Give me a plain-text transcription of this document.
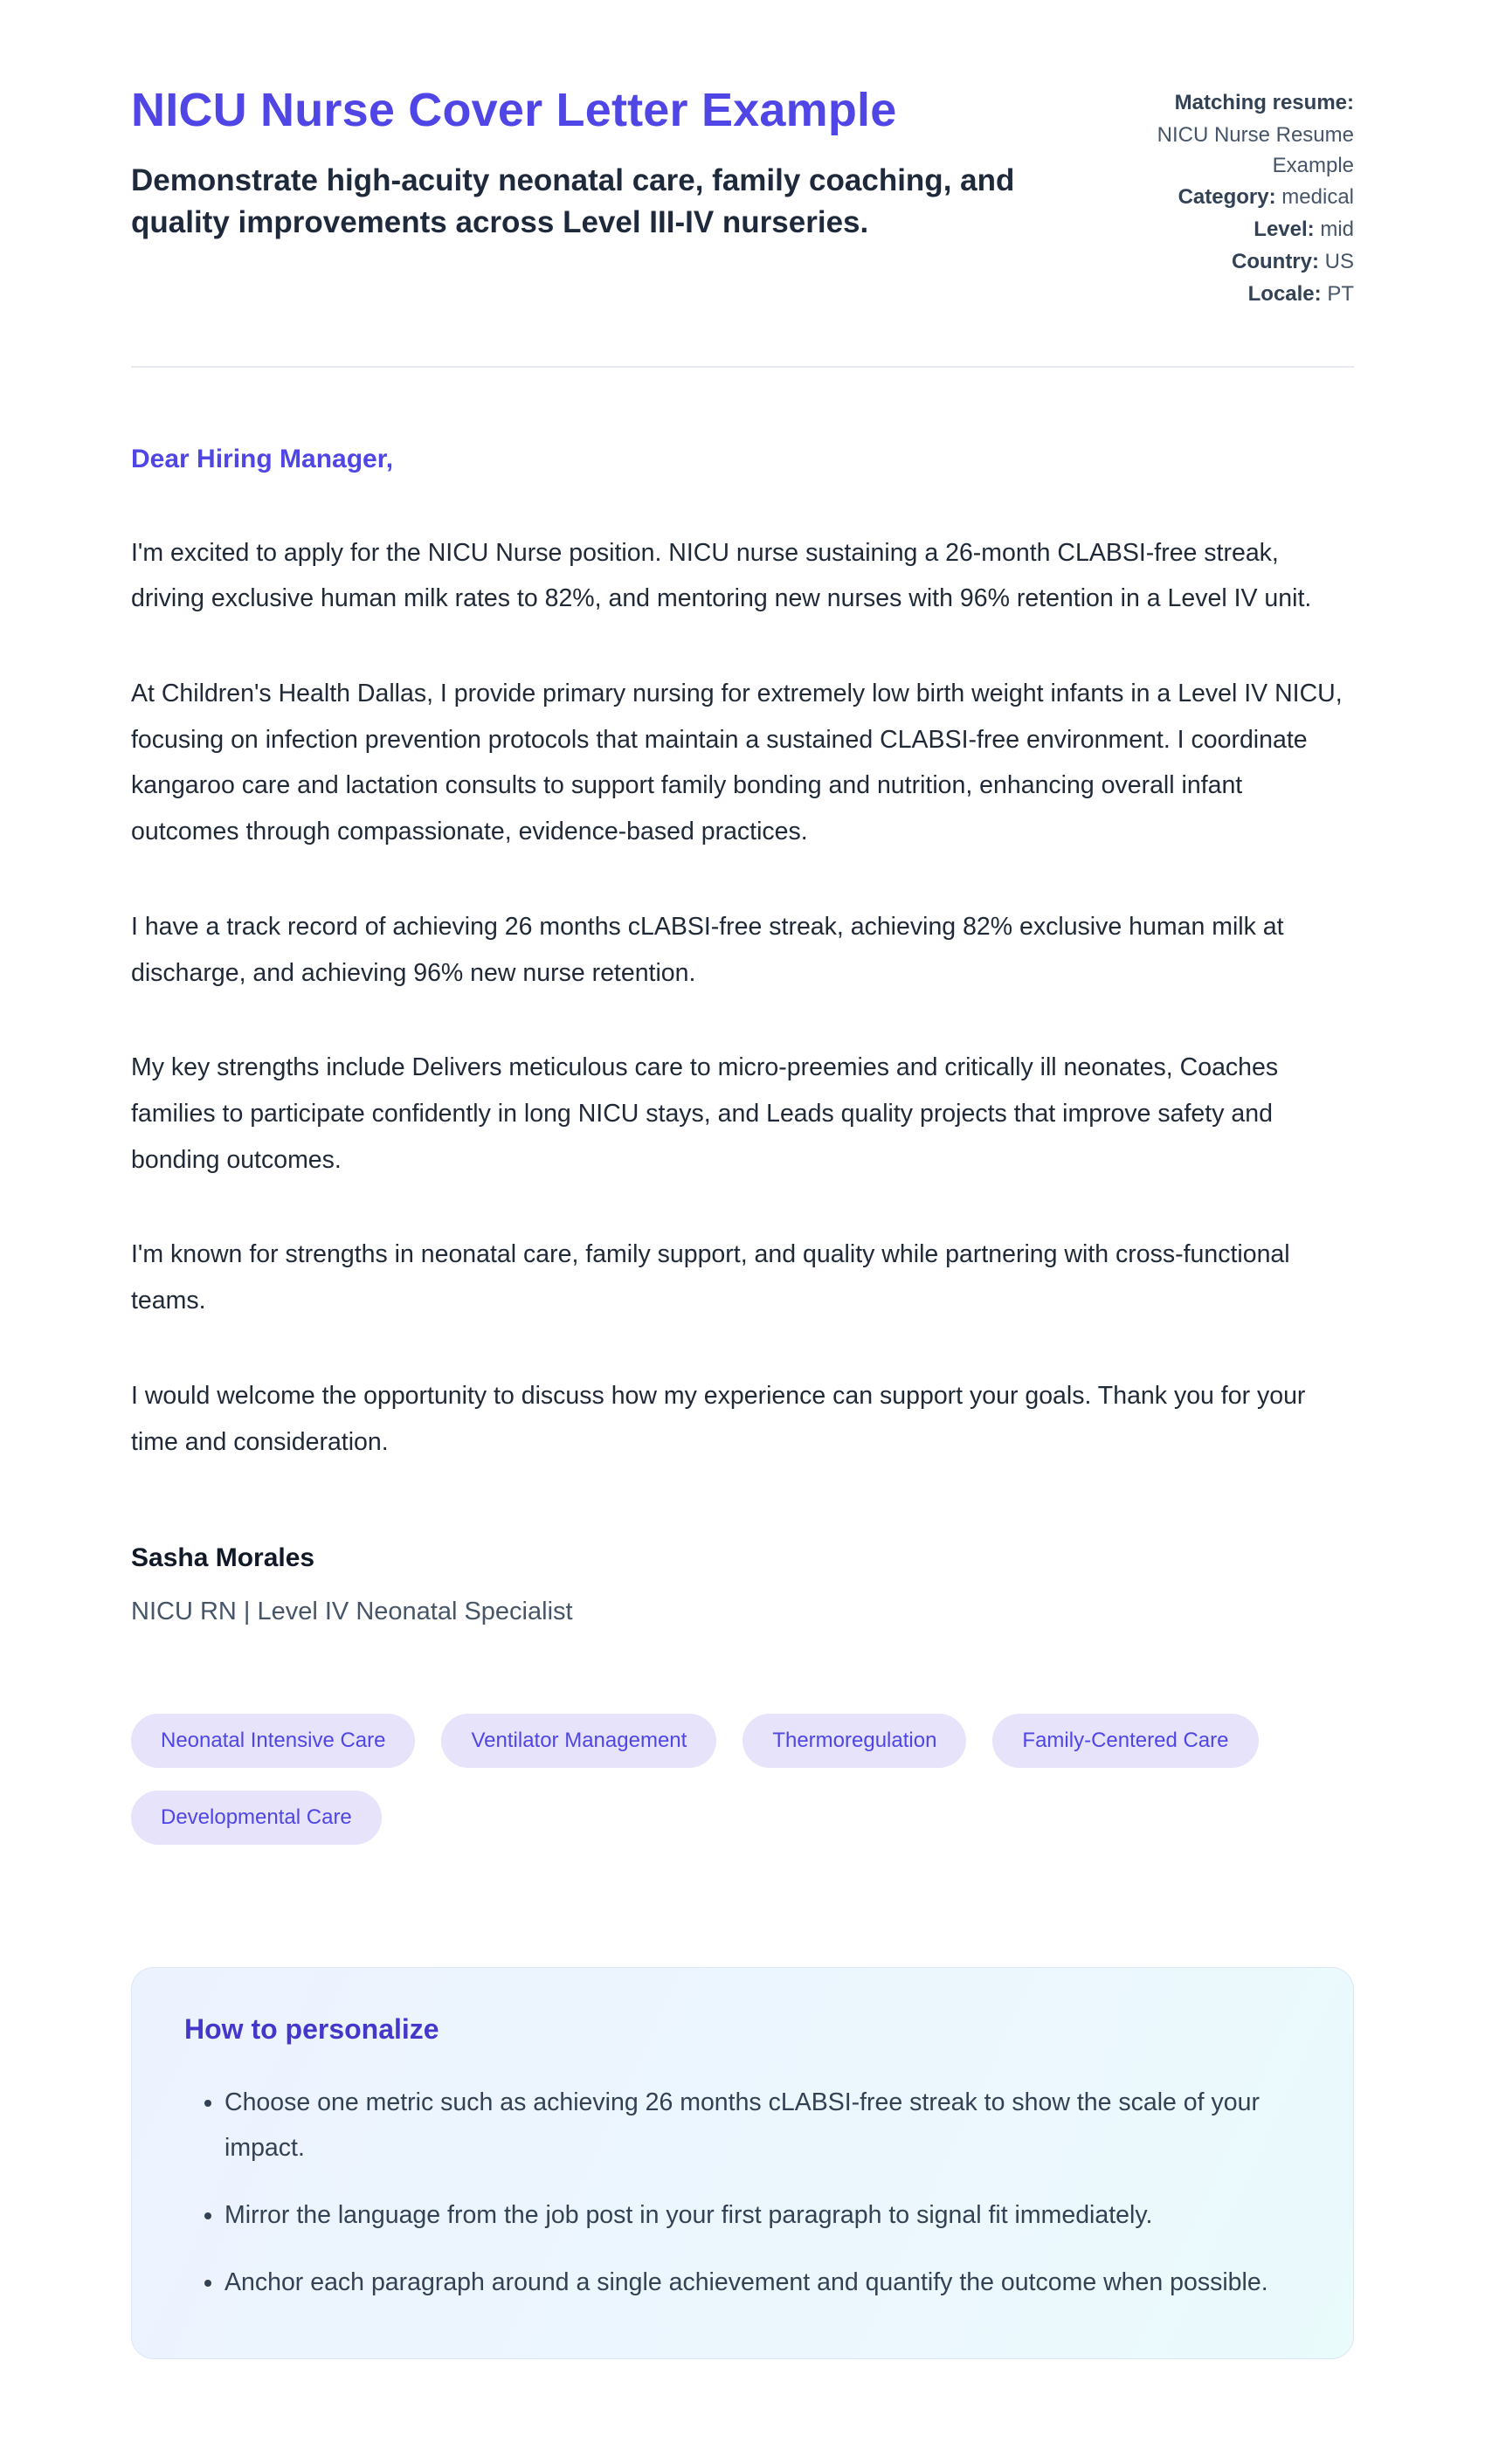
NICU Nurse Cover Letter Example
Demonstrate high-acuity neonatal care, family coaching, and quality improvements across Level III-IV nurseries.
Matching resume:
NICU Nurse Resume Example
Category: medical
Level: mid
Country: US
Locale: PT
Dear Hiring Manager,

I'm excited to apply for the NICU Nurse position. NICU nurse sustaining a 26-month CLABSI-free streak, driving exclusive human milk rates to 82%, and mentoring new nurses with 96% retention in a Level IV unit.

At Children's Health Dallas, I provide primary nursing for extremely low birth weight infants in a Level IV NICU, focusing on infection prevention protocols that maintain a sustained CLABSI-free environment. I coordinate kangaroo care and lactation consults to support family bonding and nutrition, enhancing overall infant outcomes through compassionate, evidence-based practices.

I have a track record of achieving 26 months cLABSI-free streak, achieving 82% exclusive human milk at discharge, and achieving 96% new nurse retention.

My key strengths include Delivers meticulous care to micro-preemies and critically ill neonates, Coaches families to participate confidently in long NICU stays, and Leads quality projects that improve safety and bonding outcomes.

I'm known for strengths in neonatal care, family support, and quality while partnering with cross-functional teams.

I would welcome the opportunity to discuss how my experience can support your goals. Thank you for your time and consideration.

Sasha Morales
NICU RN | Level IV Neonatal Specialist
Neonatal Intensive Care	Ventilator Management	Thermoregulation	Family-Centered Care
Developmental Care
How to personalize
• Choose one metric such as achieving 26 months cLABSI-free streak to show the scale of your impact.
• Mirror the language from the job post in your first paragraph to signal fit immediately.
• Anchor each paragraph around a single achievement and quantify the outcome when possible.
